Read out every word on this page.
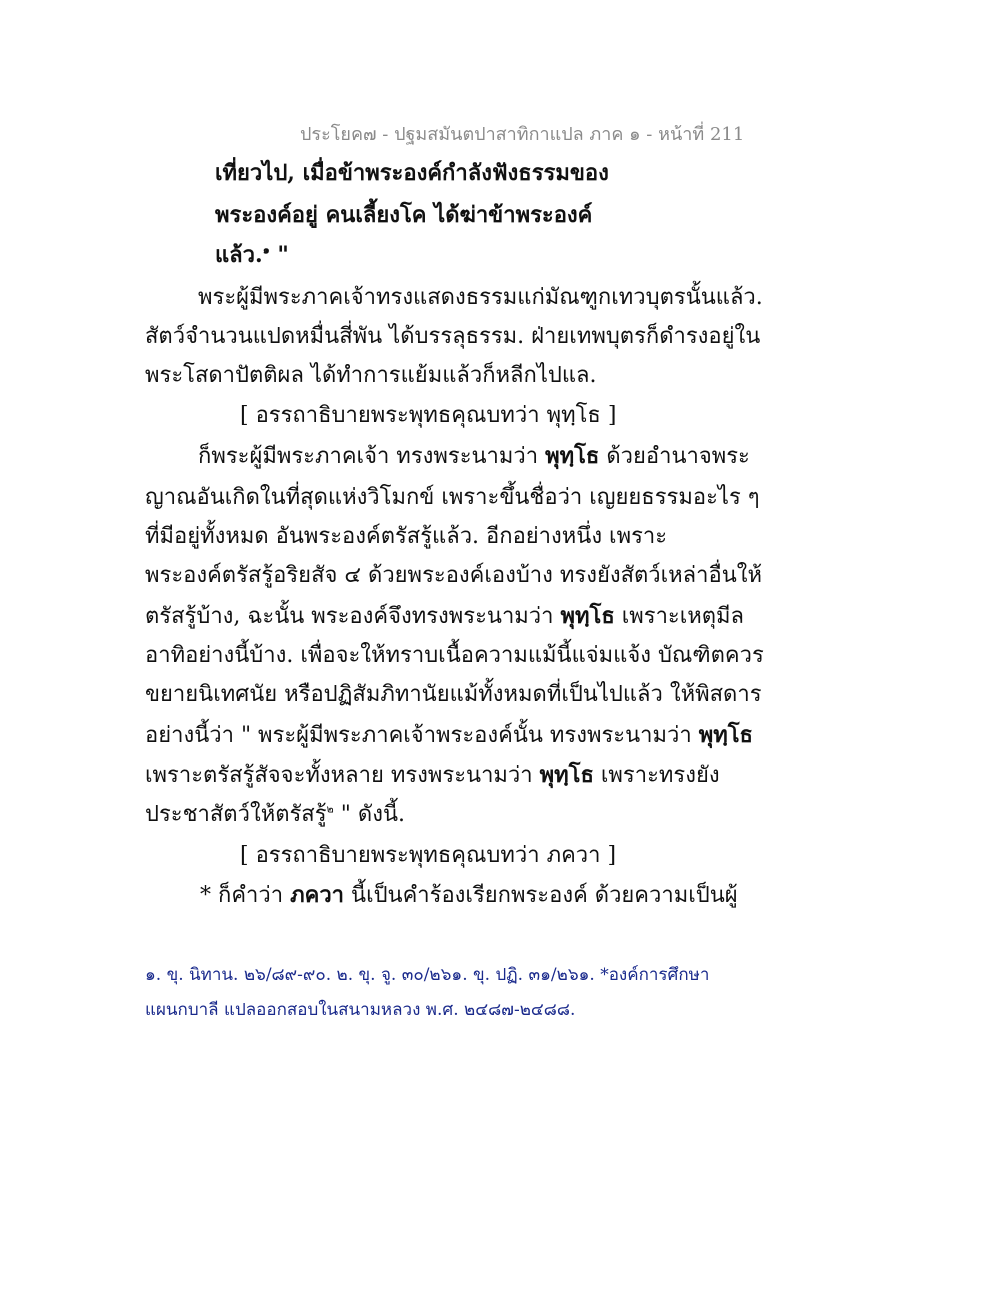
ประโยค๗ - ปฐมสมันตปาสาทิกาแปล ภาค ๑ - หน้าที่ 211
เที่ยวไป, เมื่อข้าพระองค์กำลังฟังธรรมของ
พระองค์อยู่ คนเลี้ยงโค ได้ฆ่าข้าพระองค์
แล้ว.$^๑$ "
พระผู้มีพระภาคเจ้าทรงแสดงธรรมแก่มัณฑูกเทวบุตรนั้นแล้ว.
สัตว์จำนวนแปดหมื่นสี่พัน ได้บรรลุธรรม. ฝ่ายเทพบุตรก็ดำรงอยู่ใน
พระโสดาปัตติผล ได้ทำการแย้มแล้วก็หลีกไปแล.
[ อรรถาธิบายพระพุทธคุณบทว่า พุทฺโธ ]
ก็พระผู้มีพระภาคเจ้า ทรงพระนามว่า พุทฺโธ ด้วยอำนาจพระ
ญาณอันเกิดในที่สุดแห่งวิโมกข์ เพราะขึ้นชื่อว่า เญยยธรรมอะไร ๆ
ที่มีอยู่ทั้งหมด อันพระองค์ตรัสรู้แล้ว. อีกอย่างหนึ่ง เพราะ
พระองค์ตรัสรู้อริยสัจ ๔ ด้วยพระองค์เองบ้าง ทรงยังสัตว์เหล่าอื่นให้
ตรัสรู้บ้าง, ฉะนั้น พระองค์จึงทรงพระนามว่า พุทฺโธ เพราะเหตุมีล
อาทิอย่างนี้บ้าง. เพื่อจะให้ทราบเนื้อความแม้นี้แจ่มแจ้ง บัณฑิตควร
ขยายนิเทศนัย หรือปฏิสัมภิทานัยแม้ทั้งหมดที่เป็นไปแล้ว ให้พิสดาร
อย่างนี้ว่า " พระผู้มีพระภาคเจ้าพระองค์นั้น ทรงพระนามว่า พุทฺโธ
เพราะตรัสรู้สัจจะทั้งหลาย ทรงพระนามว่า พุทฺโธ เพราะทรงยัง
ประชาสัตว์ให้ตรัสรู้$^๒$ " ดังนี้.
[ อรรถาธิบายพระพุทธคุณบทว่า ภควา ]
* ก็คำว่า ภควา นี้เป็นคำร้องเรียกพระองค์ ด้วยความเป็นผู้
๑. ขุ. นิทาน. ๒๖/๘๙-๙๐. ๒. ขุ. จู. ๓๐/๒๖๑. ขุ. ปฏิ. ๓๑/๒๖๑. *องค์การศึกษา
แผนกบาลี แปลออกสอบในสนามหลวง พ.ศ. ๒๔๘๗-๒๔๘๘.
